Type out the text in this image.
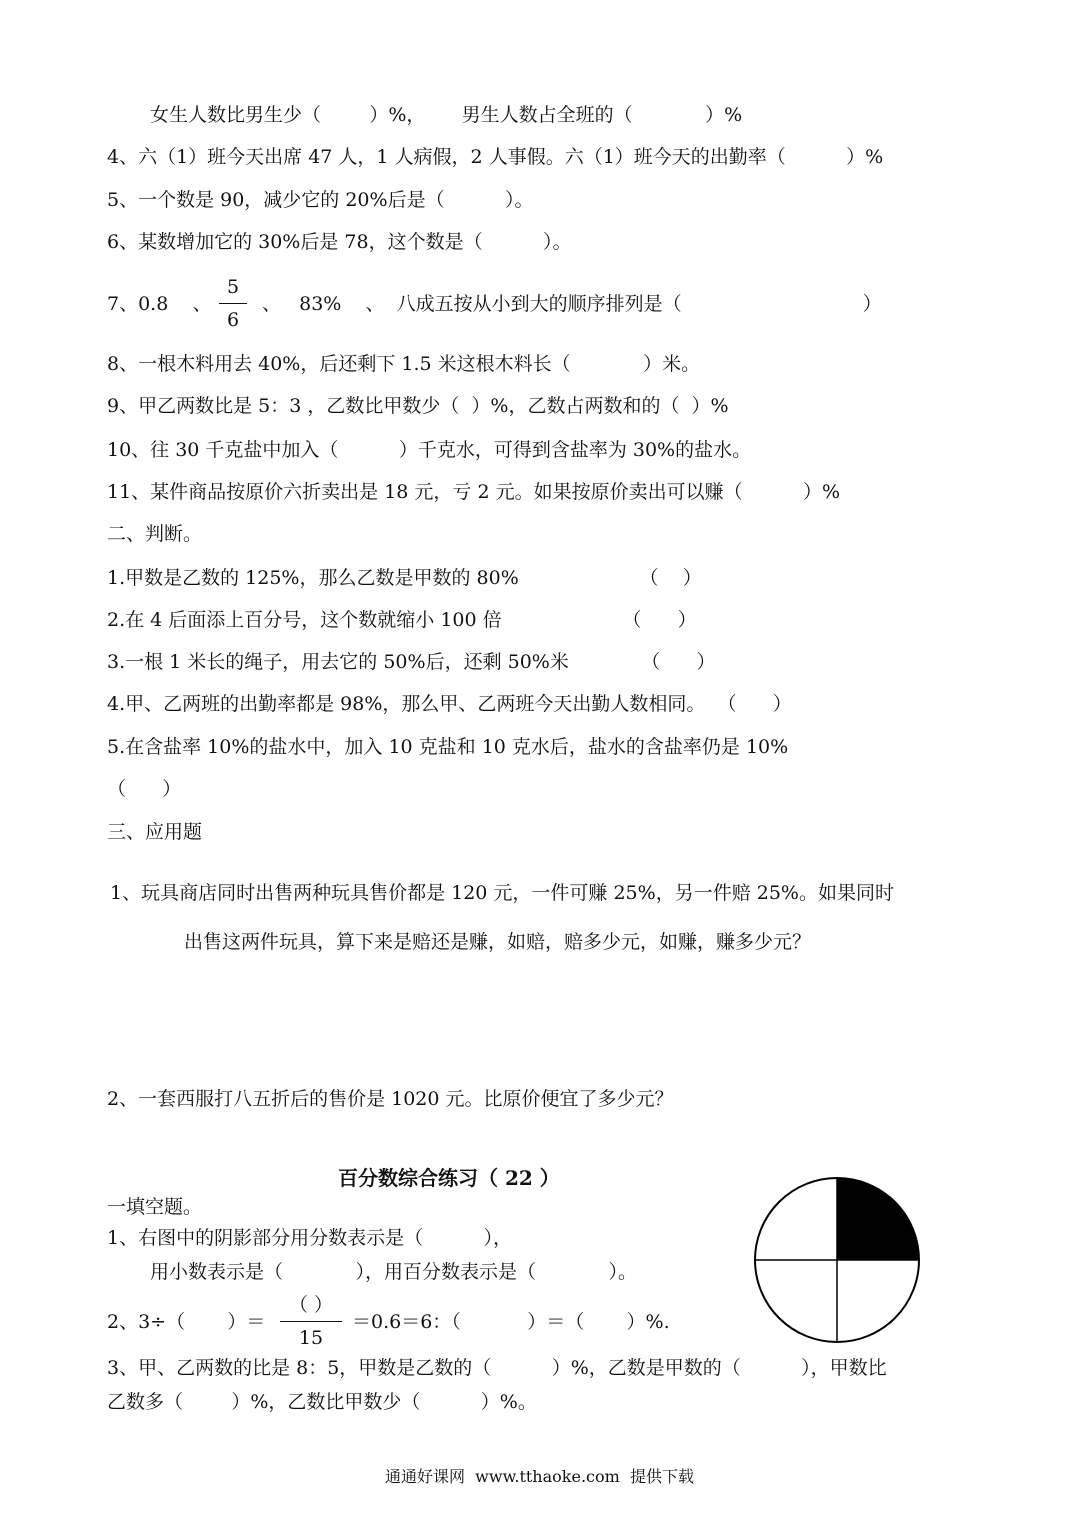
女生人数比男生少（        ）%，      男生人数占全班的（            ）%
4、六（1）班今天出席 47 人，1 人病假，2 人事假。六（1）班今天的出勤率（          ）%
5、一个数是 90，减少它的 20%后是（          ）。
6、某数增加它的 30%后是 78，这个数是（          ）。
7、0.8    、
5
6
、   83%    、  八成五按从小到大的顺序排列是（                              ）
8、一根木料用去 40%，后还剩下 1.5 米这根木料长（            ）米。
9、甲乙两数比是 5：3 ，乙数比甲数少（  ）%，乙数占两数和的（  ）%
10、往 30 千克盐中加入（          ）千克水，可得到含盐率为 30%的盐水。
11、某件商品按原价六折卖出是 18 元，亏 2 元。如果按原价卖出可以赚（          ）%
二、判断。
1.甲数是乙数的 125%，那么乙数是甲数的 80%                    （    ）
2.在 4 后面添上百分号，这个数就缩小 100 倍                    （      ）
3.一根 1 米长的绳子，用去它的 50%后，还剩 50%米            （      ）
4.甲、乙两班的出勤率都是 98%，那么甲、乙两班今天出勤人数相同。  （      ）
5.在含盐率 10%的盐水中，加入 10 克盐和 10 克水后，盐水的含盐率仍是 10%
（      ）
三、应用题
1、玩具商店同时出售两种玩具售价都是 120 元，一件可赚 25%，另一件赔 25%。如果同时
出售这两件玩具，算下来是赔还是赚，如赔，赔多少元，如赚，赚多少元？
2、一套西服打八五折后的售价是 1020 元。比原价便宜了多少元？
百分数综合练习（ 22 ）
一填空题。
1、右图中的阴影部分用分数表示是（          ），
用小数表示是（            ），用百分数表示是（            ）。
2、3÷（       ）＝
（ ）
15
＝0.6＝6：（           ）＝（       ）%.
3、甲、乙两数的比是 8：5，甲数是乙数的（          ）%，乙数是甲数的（          ），甲数比
乙数多（        ）%，乙数比甲数少（          ）%。
通通好课网  www.tthaoke.com  提供下载
